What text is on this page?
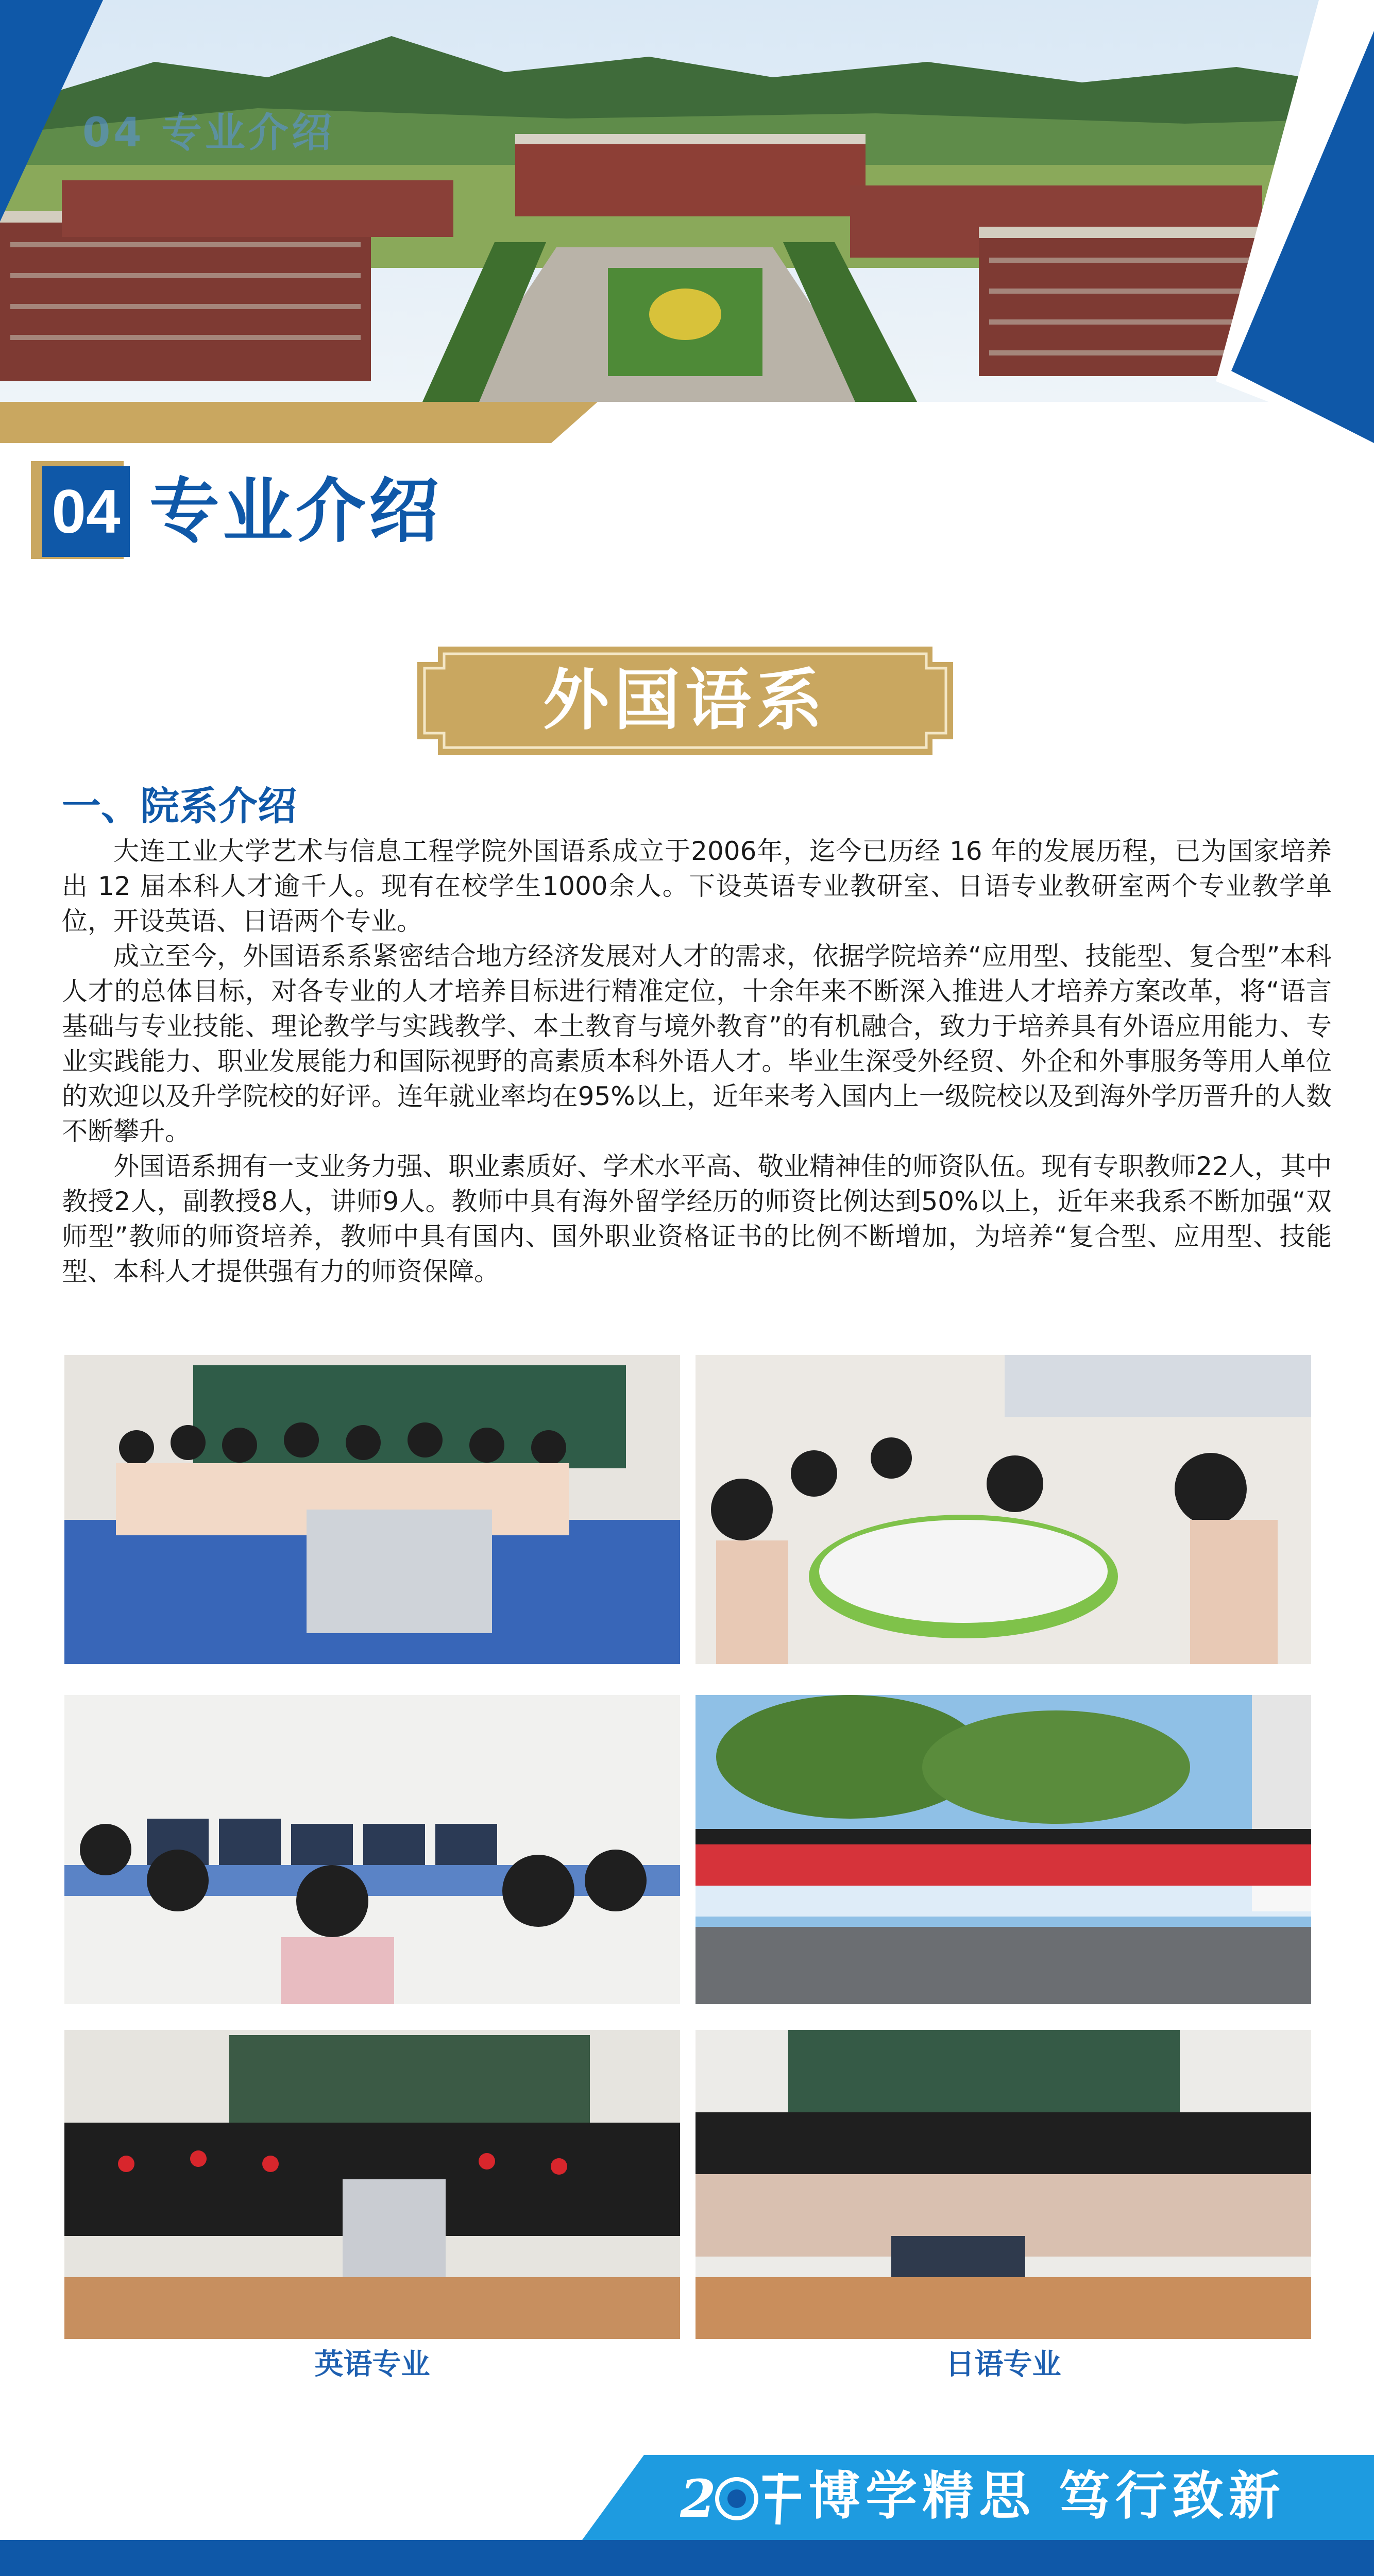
04 专业介绍
04 专业介绍
外国语系
一、院系介绍

大连工业大学艺术与信息工程学院外国语系成立于2006年，迄今已历经 16 年的发展历程，已为国家培养出 12 届本科人才逾千人。现有在校学生1000余人。下设英语专业教研室、日语专业教研室两个专业教学单位，开设英语、日语两个专业。

成立至今，外国语系系紧密结合地方经济发展对人才的需求，依据学院培养“应用型、技能型、复合型”本科人才的总体目标，对各专业的人才培养目标进行精准定位，十余年来不断深入推进人才培养方案改革，将“语言基础与专业技能、理论教学与实践教学、本土教育与境外教育”的有机融合，致力于培养具有外语应用能力、专业实践能力、职业发展能力和国际视野的高素质本科外语人才。毕业生深受外经贸、外企和外事服务等用人单位的欢迎以及升学院校的好评。连年就业率均在95%以上，近年来考入国内上一级院校以及到海外学历晋升的人数不断攀升。

外国语系拥有一支业务力强、职业素质好、学术水平高、敬业精神佳的师资队伍。现有专职教师22人，其中教授2人，副教授8人，讲师9人。教师中具有海外留学经历的师资比例达到50%以上，近年来我系不断加强“双师型”教师的师资培养，教师中具有国内、国外职业资格证书的比例不断增加，为培养“复合型、应用型、技能型、本科人才提供强有力的师资保障。

英语专业	日语专业
2 博学精思 笃行致新
